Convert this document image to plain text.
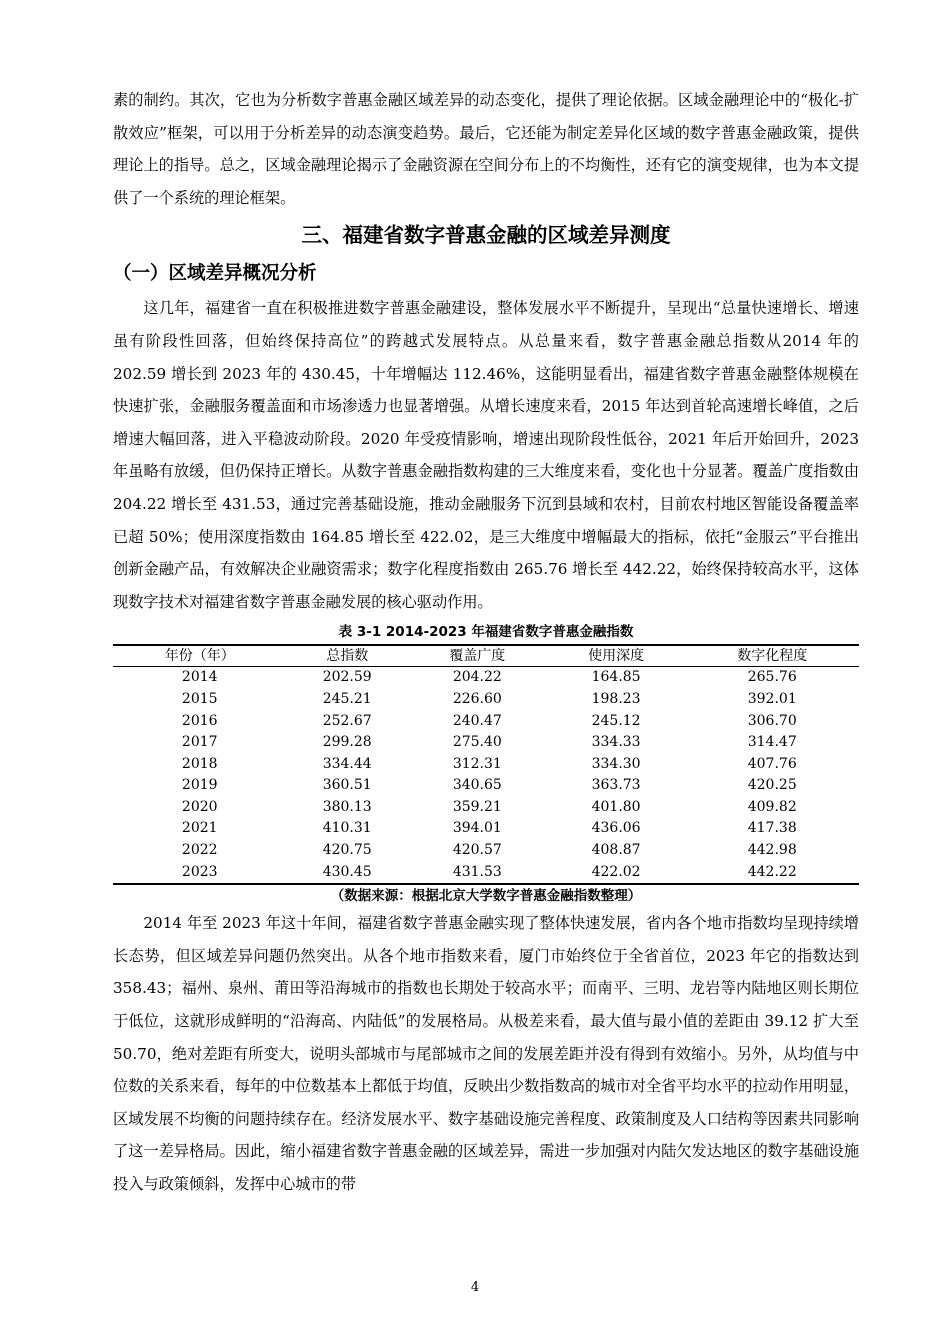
素的制约。其次，它也为分析数字普惠金融区域差异的动态变化，提供了理论依据。区域金融理论中的“极化-扩散效应”框架，可以用于分析差异的动态演变趋势。最后，它还能为制定差异化区域的数字普惠金融政策，提供理论上的指导。总之，区域金融理论揭示了金融资源在空间分布上的不均衡性，还有它的演变规律，也为本文提供了一个系统的理论框架。

三、福建省数字普惠金融的区域差异测度
（一）区域差异概况分析

这几年，福建省一直在积极推进数字普惠金融建设，整体发展水平不断提升，呈现出“总量快速增长、增速虽有阶段性回落，但始终保持高位”的跨越式发展特点。从总量来看，数字普惠金融总指数从2014 年的 202.59 增长到 2023 年的 430.45，十年增幅达 112.46%，这能明显看出，福建省数字普惠金融整体规模在快速扩张，金融服务覆盖面和市场渗透力也显著增强。从增长速度来看，2015 年达到首轮高速增长峰值，之后增速大幅回落，进入平稳波动阶段。2020 年受疫情影响，增速出现阶段性低谷，2021 年后开始回升，2023 年虽略有放缓，但仍保持正增长。从数字普惠金融指数构建的三大维度来看，变化也十分显著。覆盖广度指数由 204.22 增长至 431.53，通过完善基础设施，推动金融服务下沉到县域和农村，目前农村地区智能设备覆盖率已超 50%；使用深度指数由 164.85 增长至 422.02，是三大维度中增幅最大的指标，依托“金服云”平台推出创新金融产品，有效解决企业融资需求；数字化程度指数由 265.76 增长至 442.22，始终保持较高水平，这体现数字技术对福建省数字普惠金融发展的核心驱动作用。

表 3-1 2014-2023 年福建省数字普惠金融指数
年份（年）	总指数	覆盖广度	使用深度	数字化程度
2014	202.59	204.22	164.85	265.76
2015	245.21	226.60	198.23	392.01
2016	252.67	240.47	245.12	306.70
2017	299.28	275.40	334.33	314.47
2018	334.44	312.31	334.30	407.76
2019	360.51	340.65	363.73	420.25
2020	380.13	359.21	401.80	409.82
2021	410.31	394.01	436.06	417.38
2022	420.75	420.57	408.87	442.98
2023	430.45	431.53	422.02	442.22
（数据来源：根据北京大学数字普惠金融指数整理）

2014 年至 2023 年这十年间，福建省数字普惠金融实现了整体快速发展，省内各个地市指数均呈现持续增长态势，但区域差异问题仍然突出。从各个地市指数来看，厦门市始终位于全省首位，2023 年它的指数达到 358.43；福州、泉州、莆田等沿海城市的指数也长期处于较高水平；而南平、三明、龙岩等内陆地区则长期位于低位，这就形成鲜明的“沿海高、内陆低”的发展格局。从极差来看，最大值与最小值的差距由 39.12 扩大至 50.70，绝对差距有所变大，说明头部城市与尾部城市之间的发展差距并没有得到有效缩小。另外，从均值与中位数的关系来看，每年的中位数基本上都低于均值，反映出少数指数高的城市对全省平均水平的拉动作用明显，区域发展不均衡的问题持续存在。经济发展水平、数字基础设施完善程度、政策制度及人口结构等因素共同影响了这一差异格局。因此，缩小福建省数字普惠金融的区域差异，需进一步加强对内陆欠发达地区的数字基础设施投入与政策倾斜，发挥中心城市的带

4
